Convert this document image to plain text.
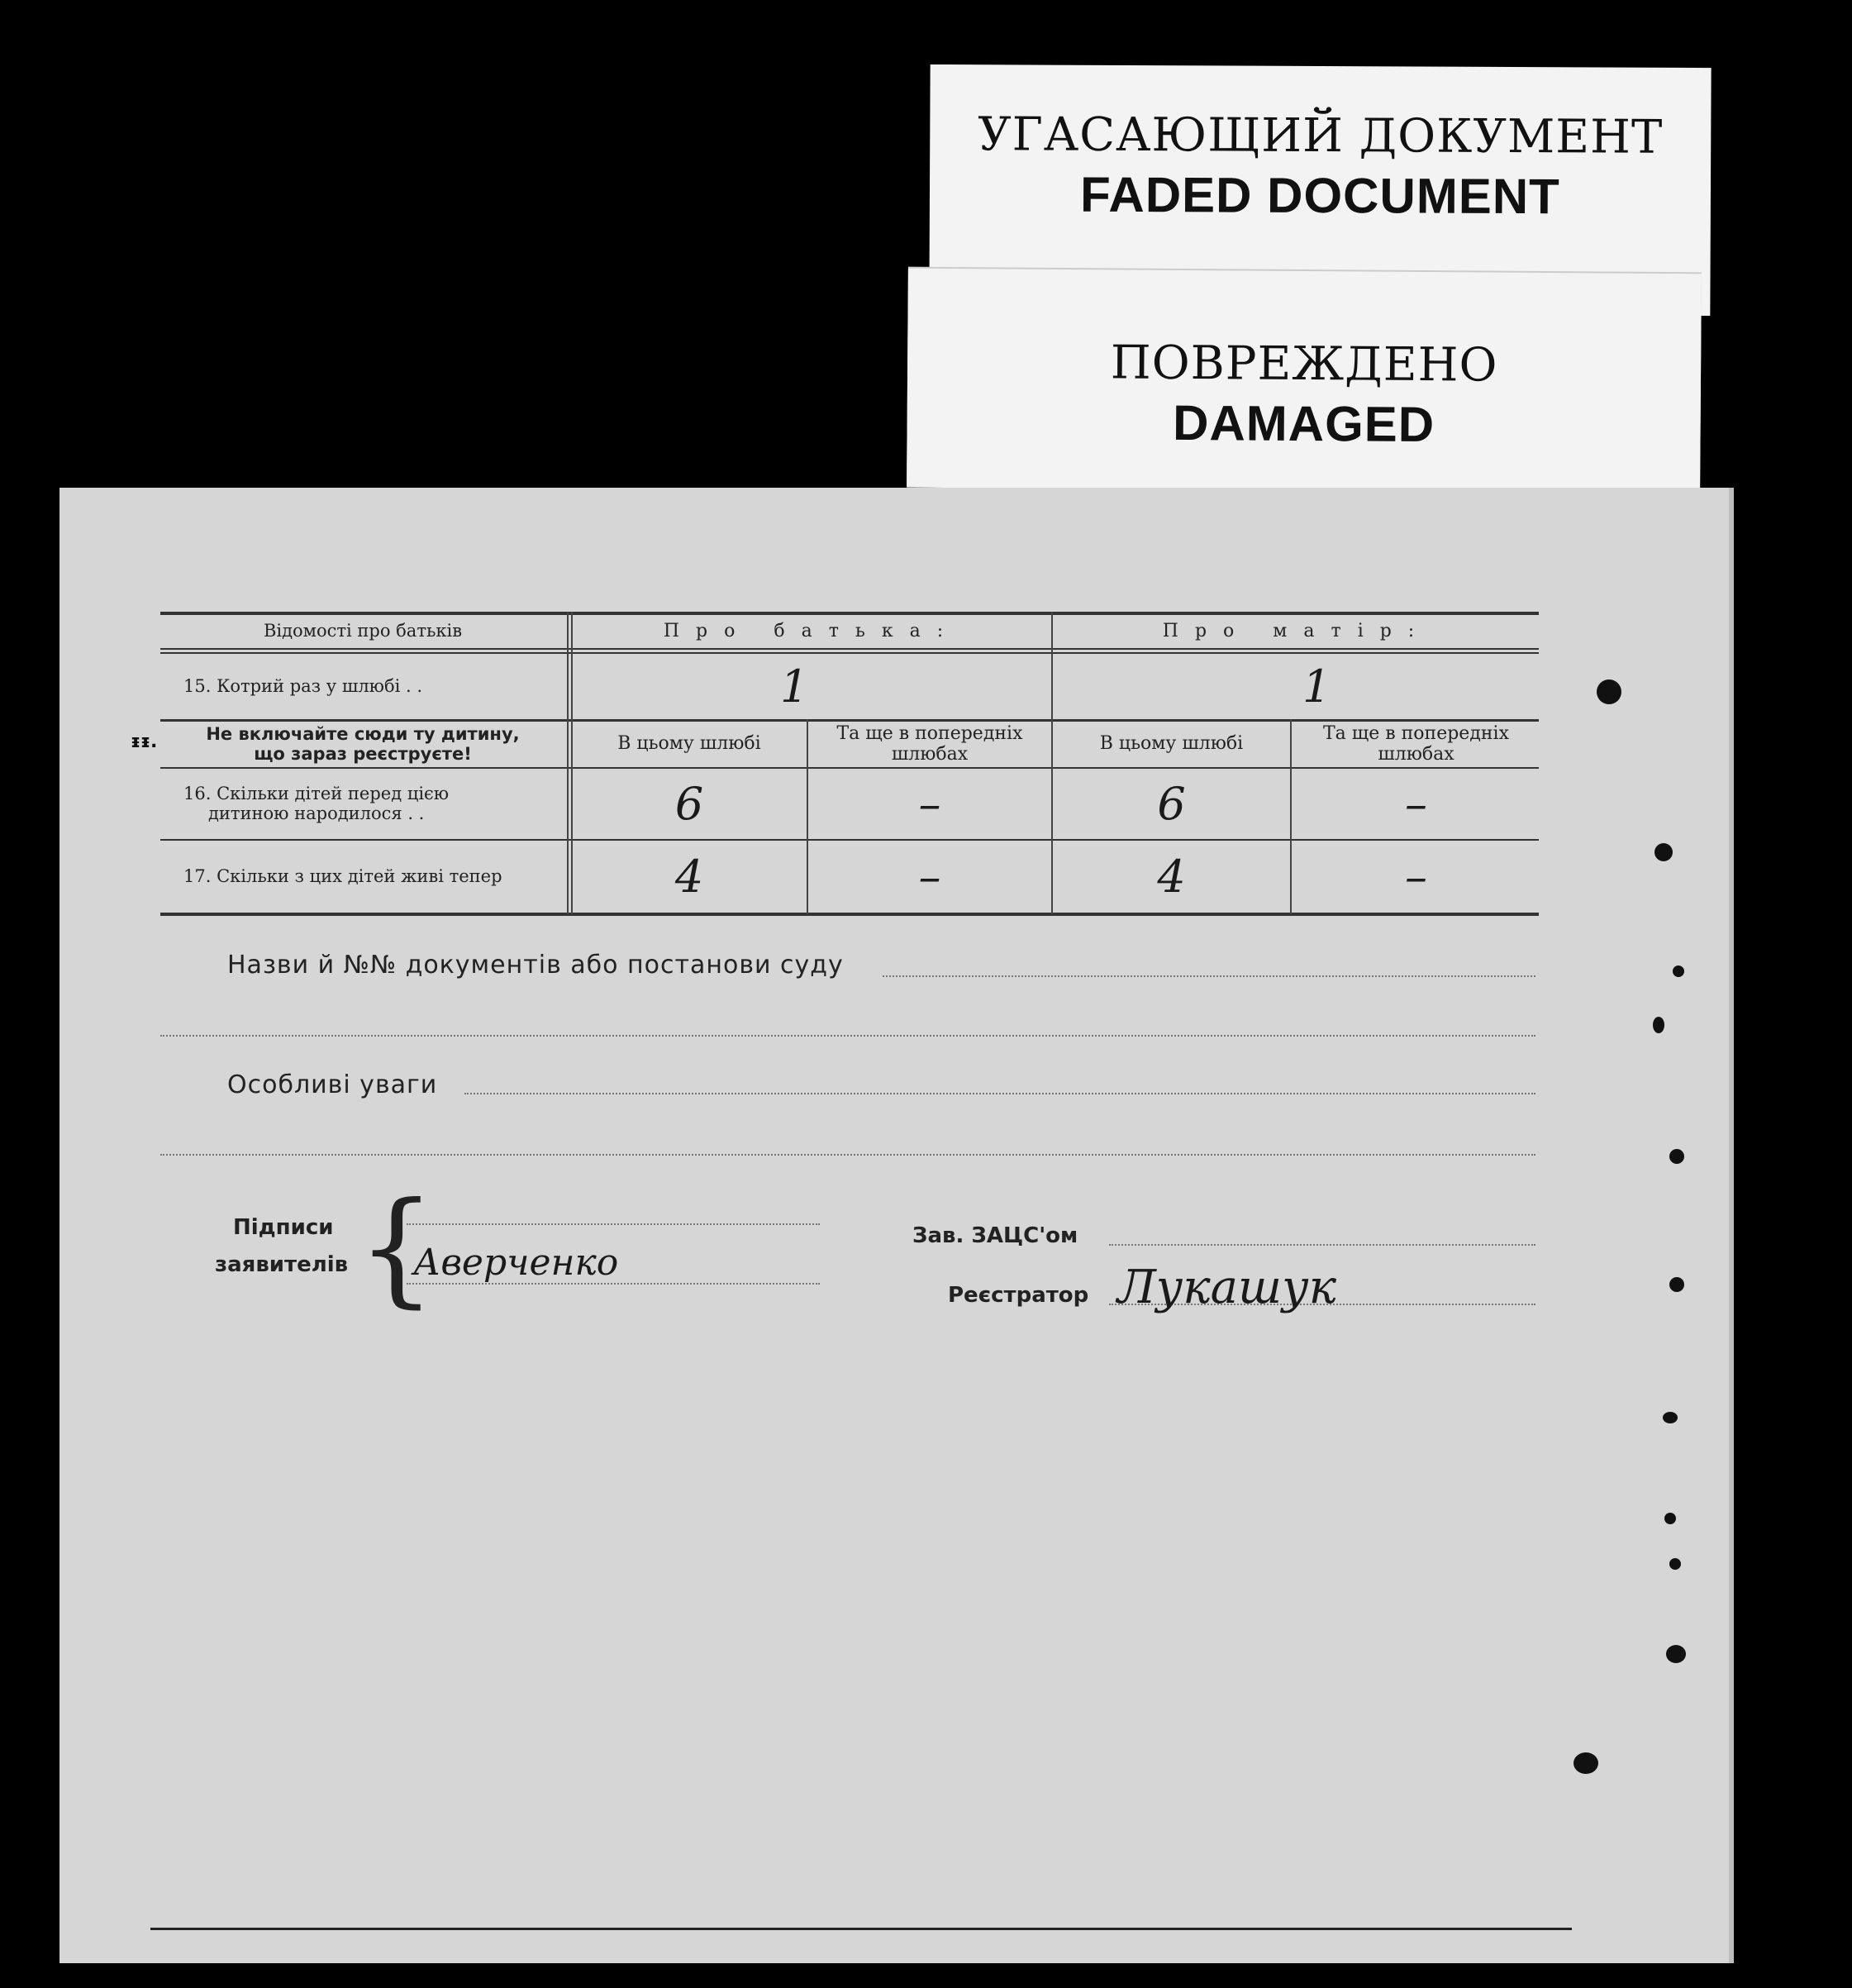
УГАСАЮЩИЙ ДОКУМЕНТ
FADED DOCUMENT
ПОВРЕЖДЕНО
DAMAGED
ᵻᵻ.
Відомості про батьків	Про батька:	Про матір:
15. Котрий раз у шлюбі . .	1	1
Не включайте сюди ту дитину,
що зараз реєструєте!	В цьому шлюбі	Та ще в попередніх шлюбах	В цьому шлюбі	Та ще в попередніх шлюбах
16. Скільки дітей перед цією
дитиною народилося . .	6	–	6	–
17. Скільки з цих дітей живі тепер	4	–	4	–
Назви й №№ документів або постанови суду
Особливі уваги
Підписи
заявителів {
Аверченко
Зав. ЗАЦС'ом
Реєстратор Лукашук
